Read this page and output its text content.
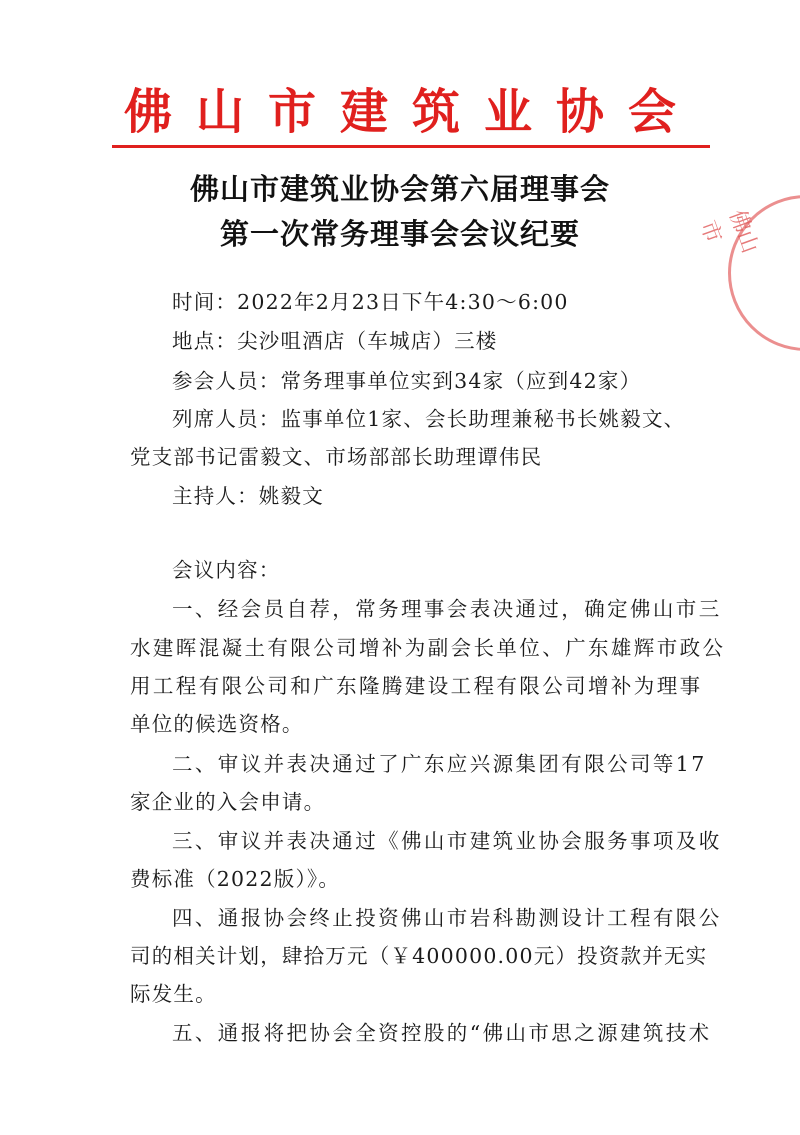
佛山市建筑业协会
佛山市建筑业协会第六届理事会
第一次常务理事会会议纪要
时间：2022年2月23日下午4:30～6:00
地点：尖沙咀酒店（车城店）三楼
参会人员：常务理事单位实到34家（应到42家）
列席人员：监事单位1家、会长助理兼秘书长姚毅文、
党支部书记雷毅文、市场部部长助理谭伟民
主持人：姚毅文
会议内容：
一、经会员自荐，常务理事会表决通过，确定佛山市三
水建晖混凝土有限公司增补为副会长单位、广东雄辉市政公
用工程有限公司和广东隆腾建设工程有限公司增补为理事
单位的候选资格。
二、审议并表决通过了广东应兴源集团有限公司等17
家企业的入会申请。
三、审议并表决通过《佛山市建筑业协会服务事项及收
费标准（2022版）》。
四、通报协会终止投资佛山市岩科勘测设计工程有限公
司的相关计划，肆拾万元（￥400000.00元）投资款并无实
际发生。
五、通报将把协会全资控股的“佛山市思之源建筑技术
佛山市
